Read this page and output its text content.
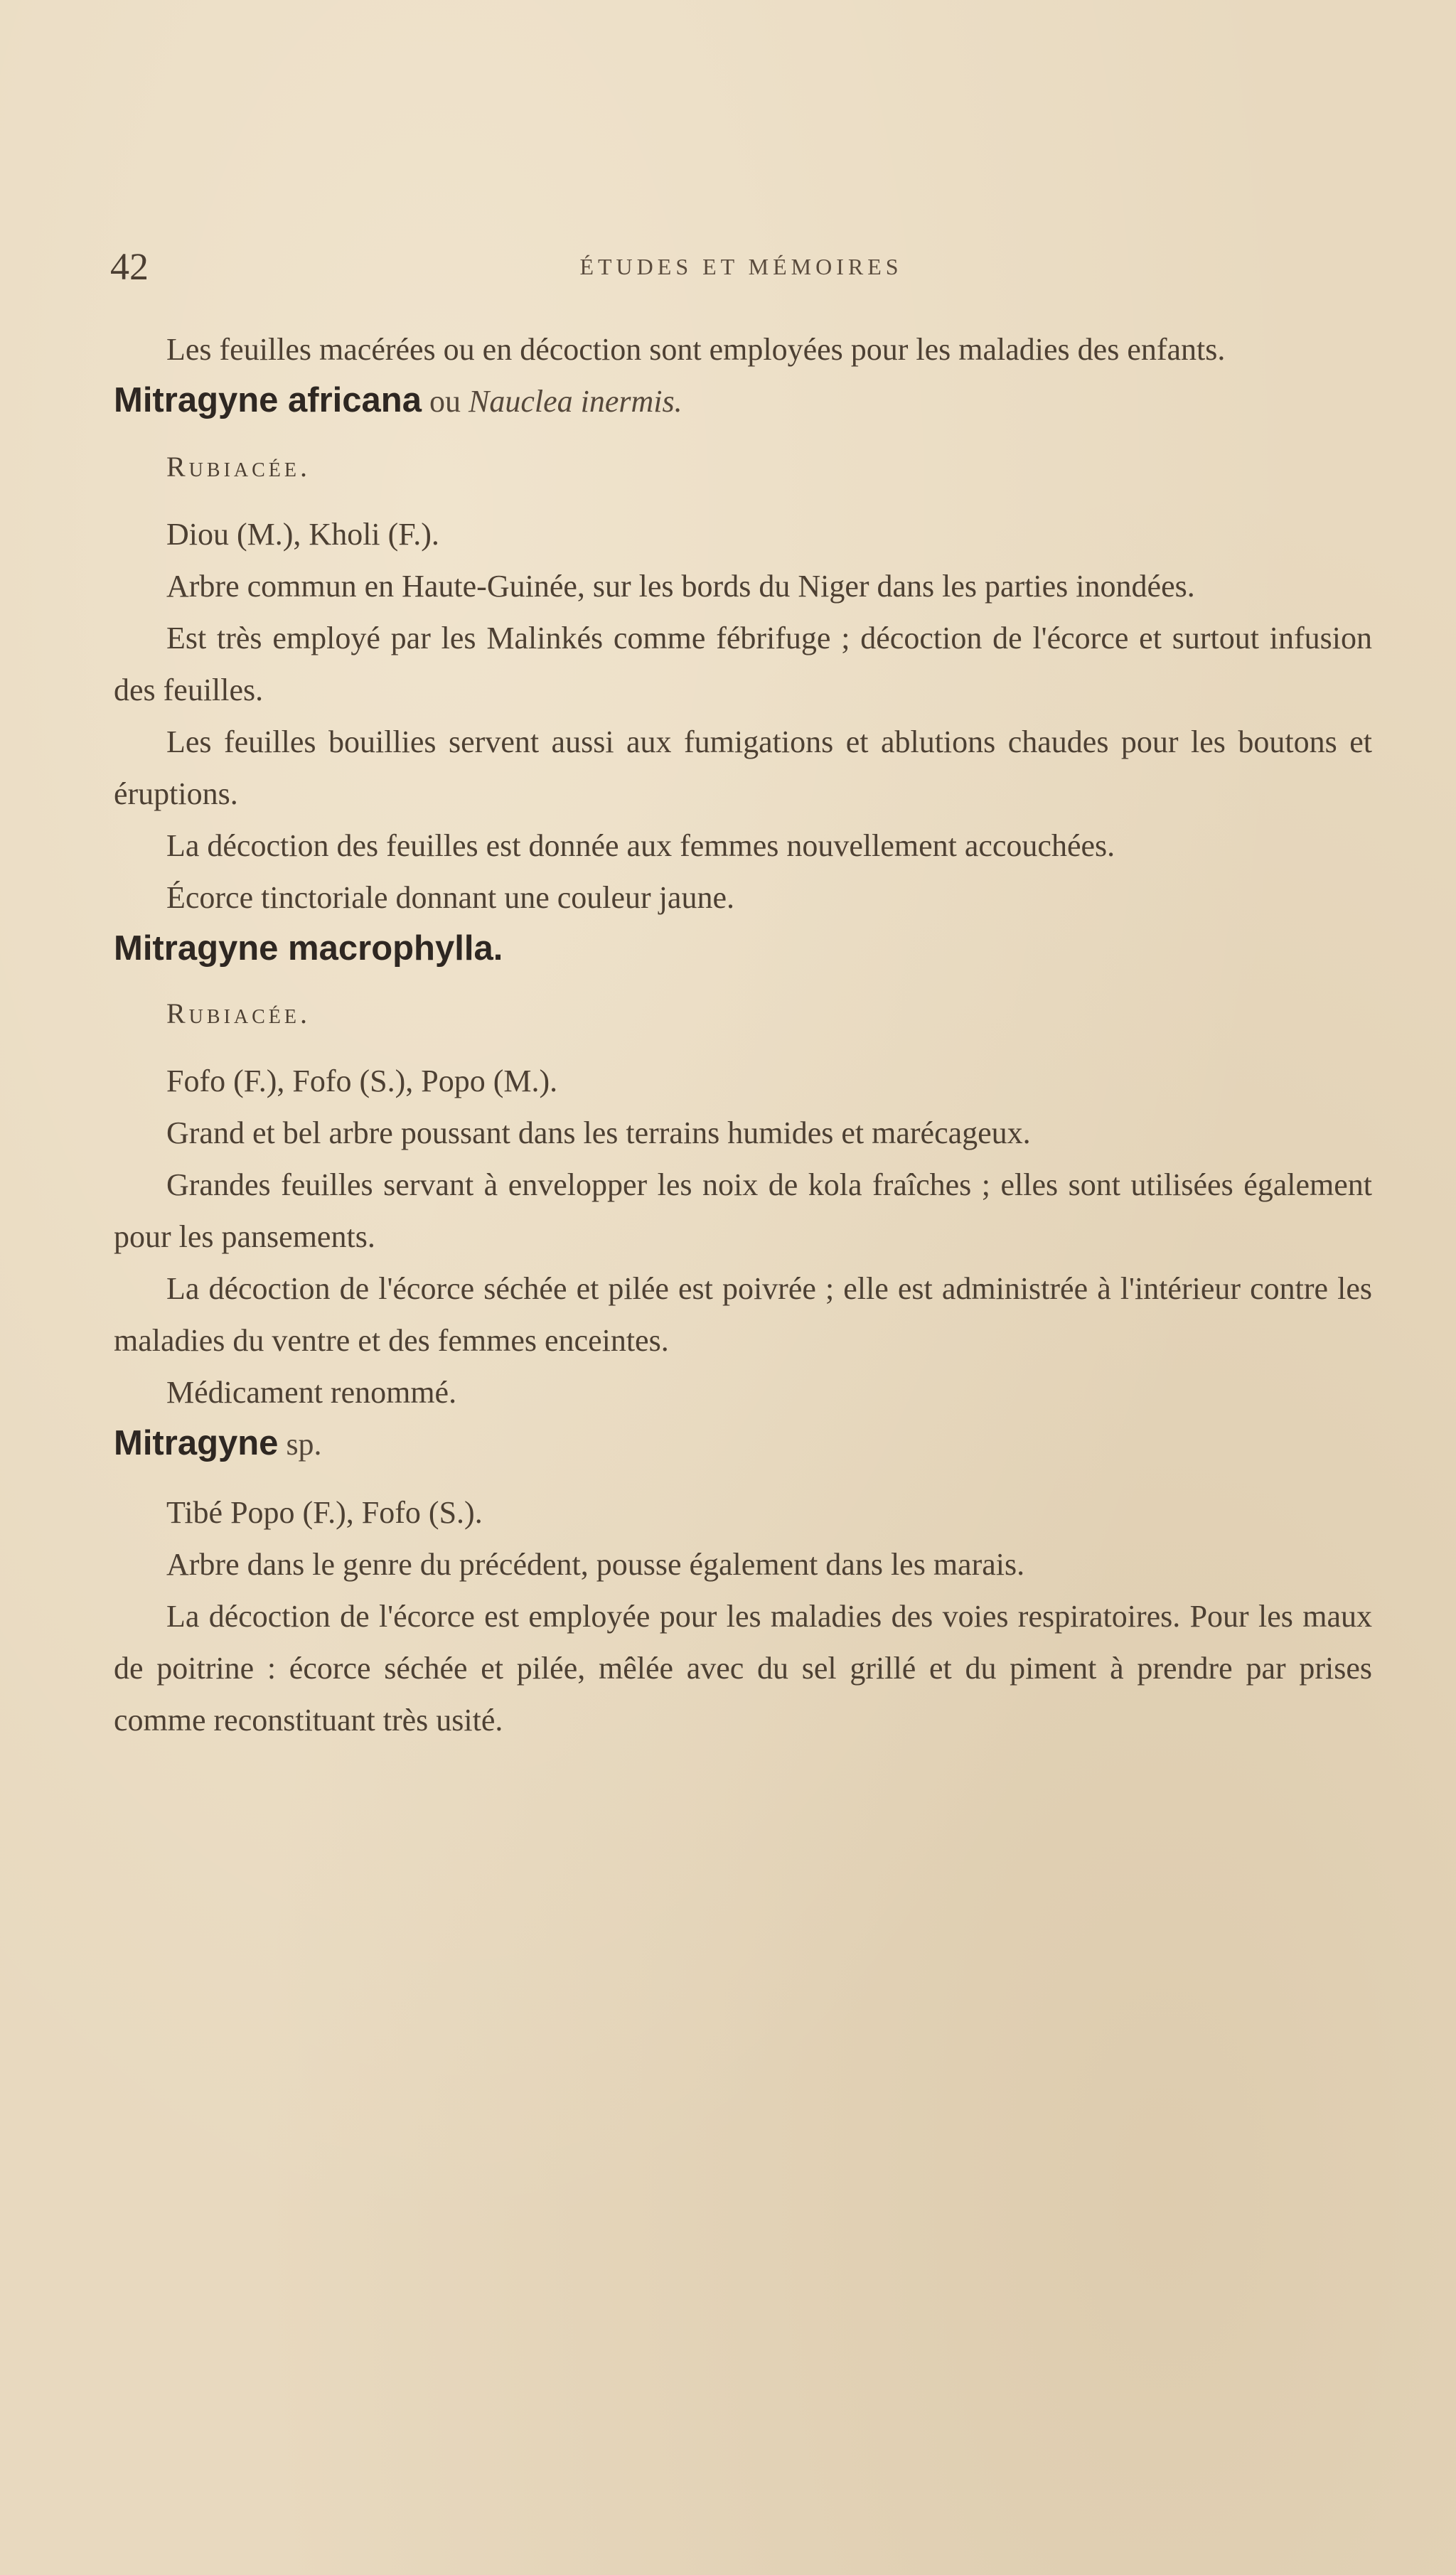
42	ÉTUDES ET MÉMOIRES

Les feuilles macérées ou en décoction sont employées pour les maladies des enfants.

Mitragyne africana ou Nauclea inermis.

Rubiacée.

Diou (M.), Kholi (F.).

Arbre commun en Haute-Guinée, sur les bords du Niger dans les parties inondées.

Est très employé par les Malinkés comme fébrifuge ; décoction de l'écorce et surtout infusion des feuilles.

Les feuilles bouillies servent aussi aux fumigations et ablutions chaudes pour les boutons et éruptions.

La décoction des feuilles est donnée aux femmes nouvellement accouchées.

Écorce tinctoriale donnant une couleur jaune.

Mitragyne macrophylla.

Rubiacée.

Fofo (F.), Fofo (S.), Popo (M.).

Grand et bel arbre poussant dans les terrains humides et marécageux.

Grandes feuilles servant à envelopper les noix de kola fraîches ; elles sont utilisées également pour les pansements.

La décoction de l'écorce séchée et pilée est poivrée ; elle est administrée à l'intérieur contre les maladies du ventre et des femmes enceintes.

Médicament renommé.

Mitragyne sp.

Tibé Popo (F.), Fofo (S.).

Arbre dans le genre du précédent, pousse également dans les marais.

La décoction de l'écorce est employée pour les maladies des voies respiratoires. Pour les maux de poitrine : écorce séchée et pilée, mêlée avec du sel grillé et du piment à prendre par prises comme reconstituant très usité.
